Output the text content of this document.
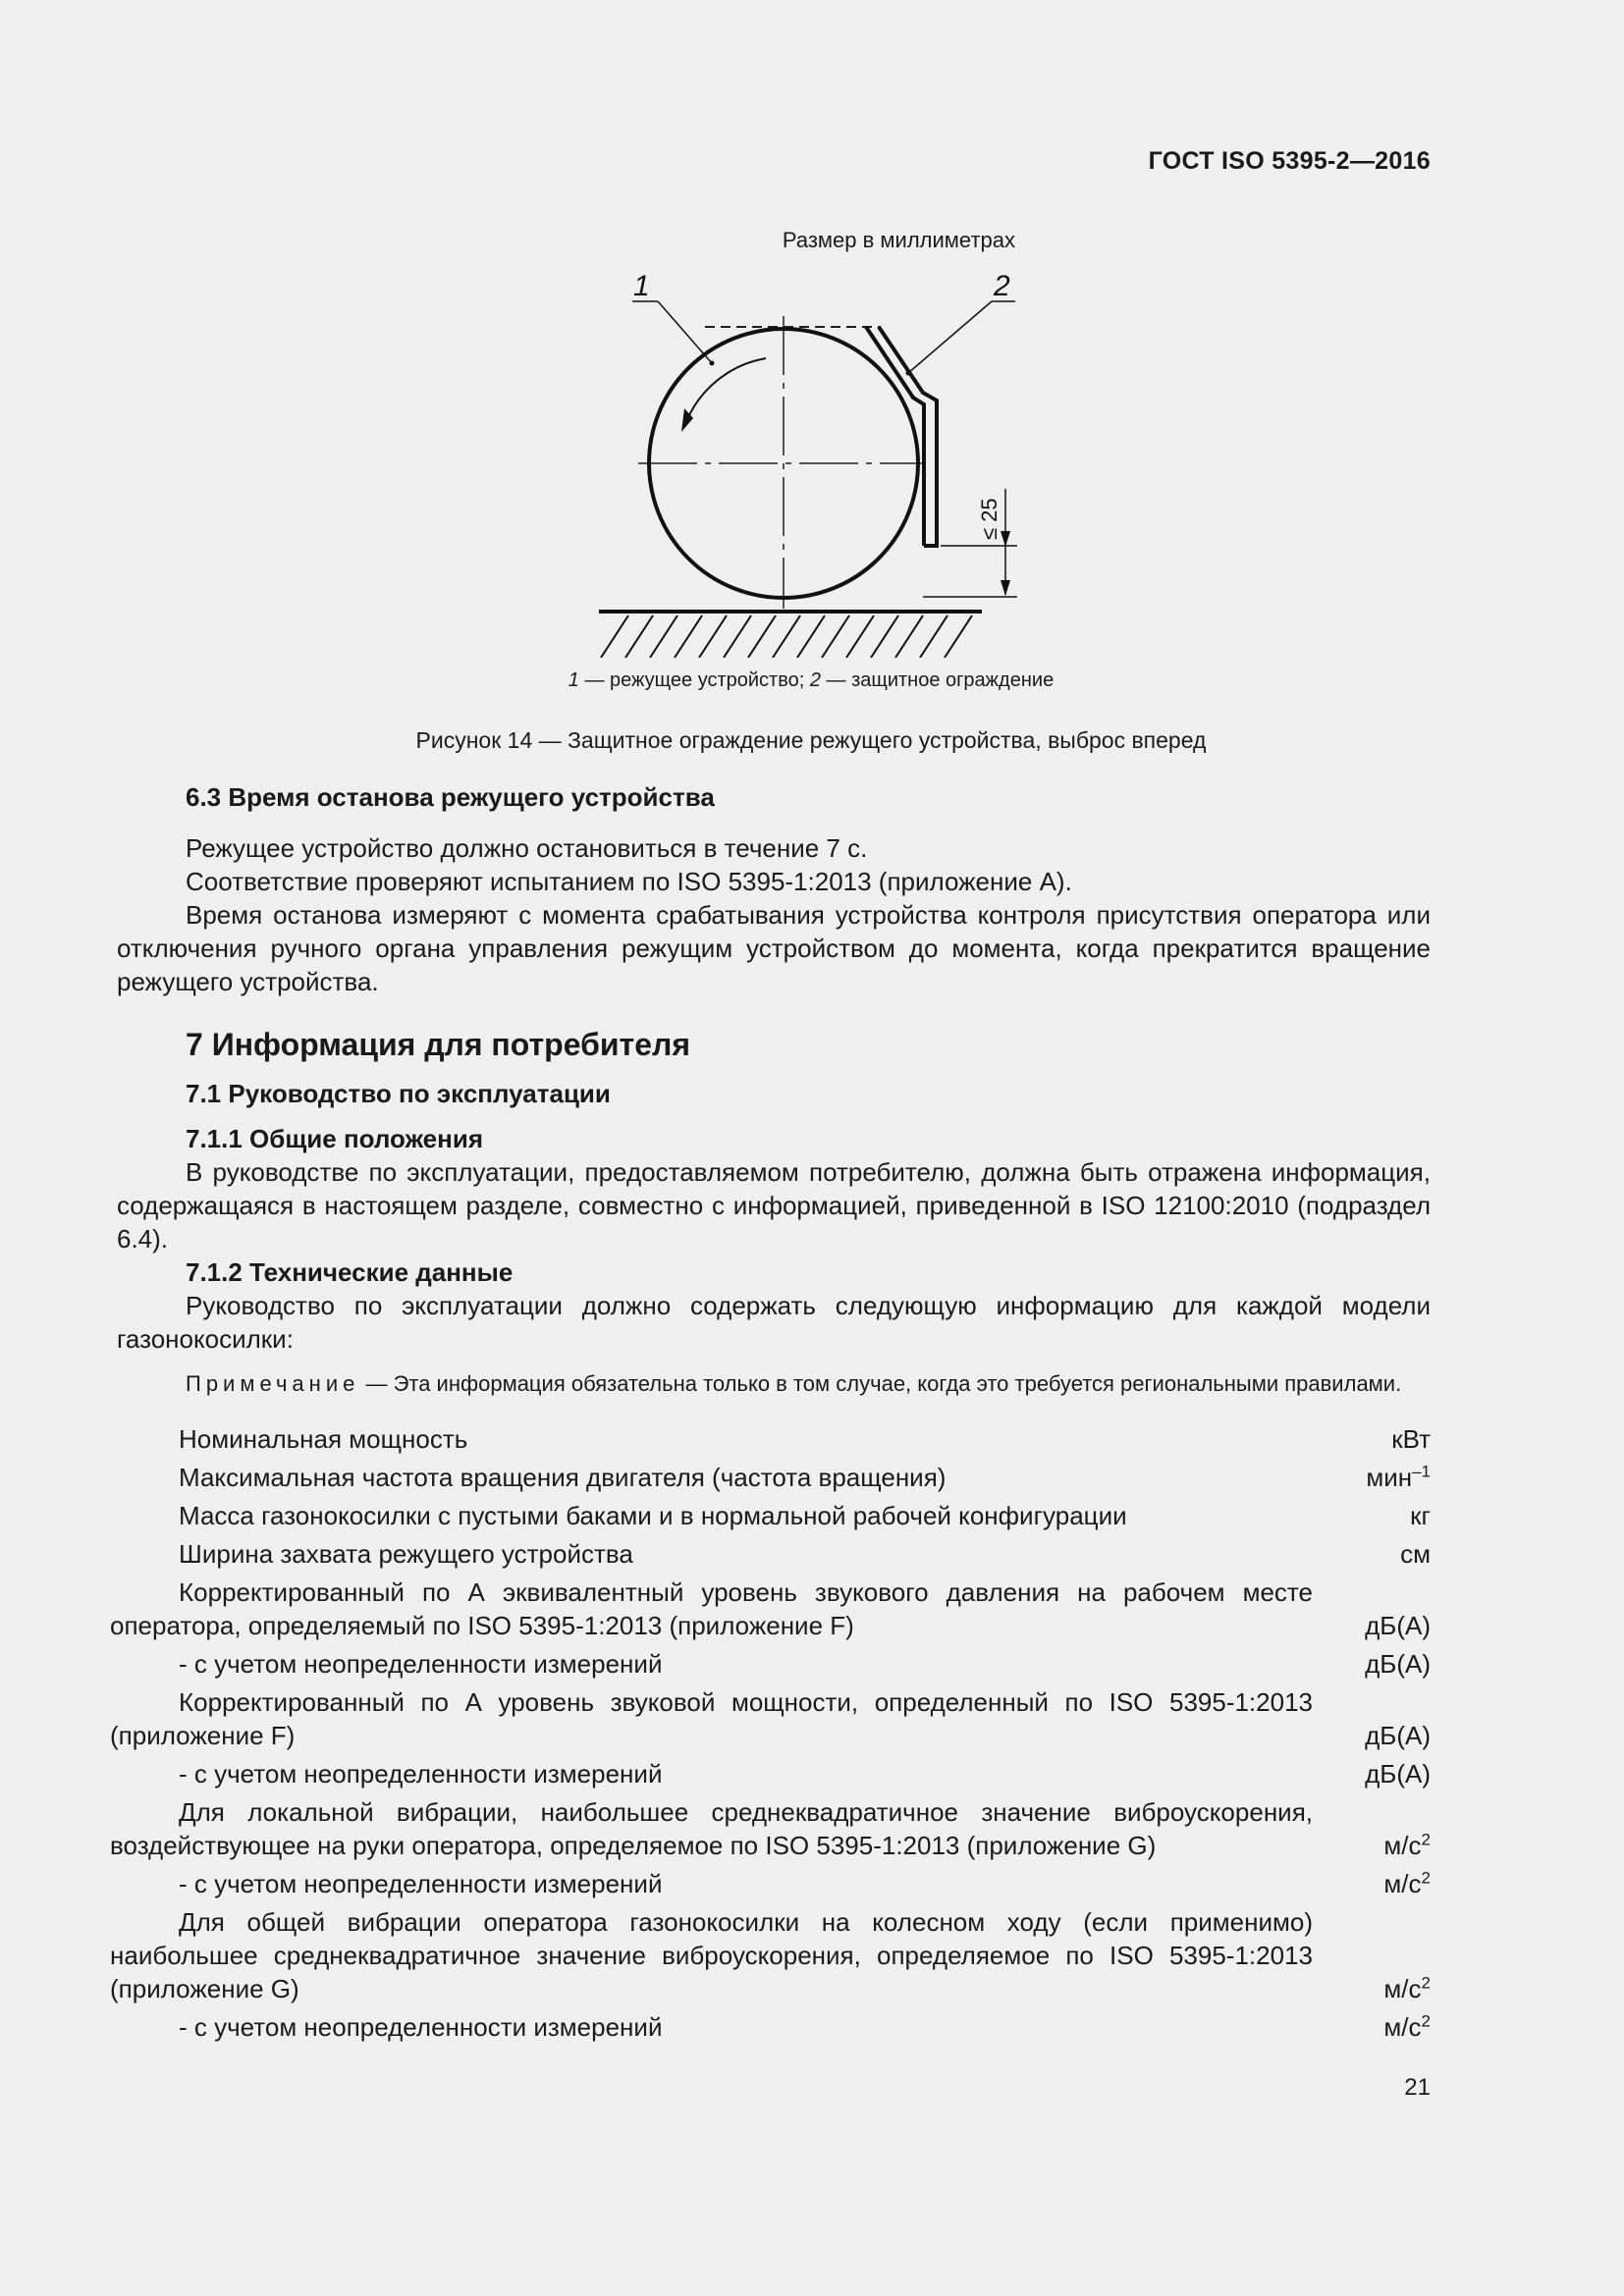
ГОСТ ISO 5395-2—2016
Размер в миллиметрах
1	2
≤ 25
1 — режущее устройство; 2 — защитное ограждение
Рисунок 14 — Защитное ограждение режущего устройства, выброс вперед

6.3 Время останова режущего устройства

Режущее устройство должно остановиться в течение 7 с.

Соответствие проверяют испытанием по ISO 5395-1:2013 (приложение А).

Время останова измеряют с момента срабатывания устройства контроля присутствия оператора или отключения ручного органа управления режущим устройством до момента, когда прекратится вращение режущего устройства.

7 Информация для потребителя

7.1 Руководство по эксплуатации

7.1.1 Общие положения

В руководстве по эксплуатации, предоставляемом потребителю, должна быть отражена информация, содержащаяся в настоящем разделе, совместно с информацией, приведенной в ISO 12100:2010 (подраздел 6.4).

7.1.2 Технические данные

Руководство по эксплуатации должно содержать следующую информацию для каждой модели газонокосилки:

Примечание — Эта информация обязательна только в том случае, когда это требуется региональными правилами.

Номинальная мощность	кВт
Максимальная частота вращения двигателя (частота вращения)	мин$^{-1}$
Масса газонокосилки с пустыми баками и в нормальной рабочей конфигурации	кг
Ширина захвата режущего устройства	см
Корректированный по А эквивалентный уровень звукового давления на рабочем месте оператора, определяемый по ISO 5395-1:2013 (приложение F)	дБ(А)
- с учетом неопределенности измерений	дБ(А)
Корректированный по А уровень звуковой мощности, определенный по ISO 5395-1:2013 (приложение F)	дБ(А)
- с учетом неопределенности измерений	дБ(А)
Для локальной вибрации, наибольшее среднеквадратичное значение виброускорения, воздействующее на руки оператора, определяемое по ISO 5395-1:2013 (приложение G)	$м/с^2$
- с учетом неопределенности измерений	$м/с^2$
Для общей вибрации оператора газонокосилки на колесном ходу (если применимо) наибольшее среднеквадратичное значение виброускорения, определяемое по ISO 5395-1:2013 (приложение G)	$м/с^2$
- с учетом неопределенности измерений	$м/с^2$
21
